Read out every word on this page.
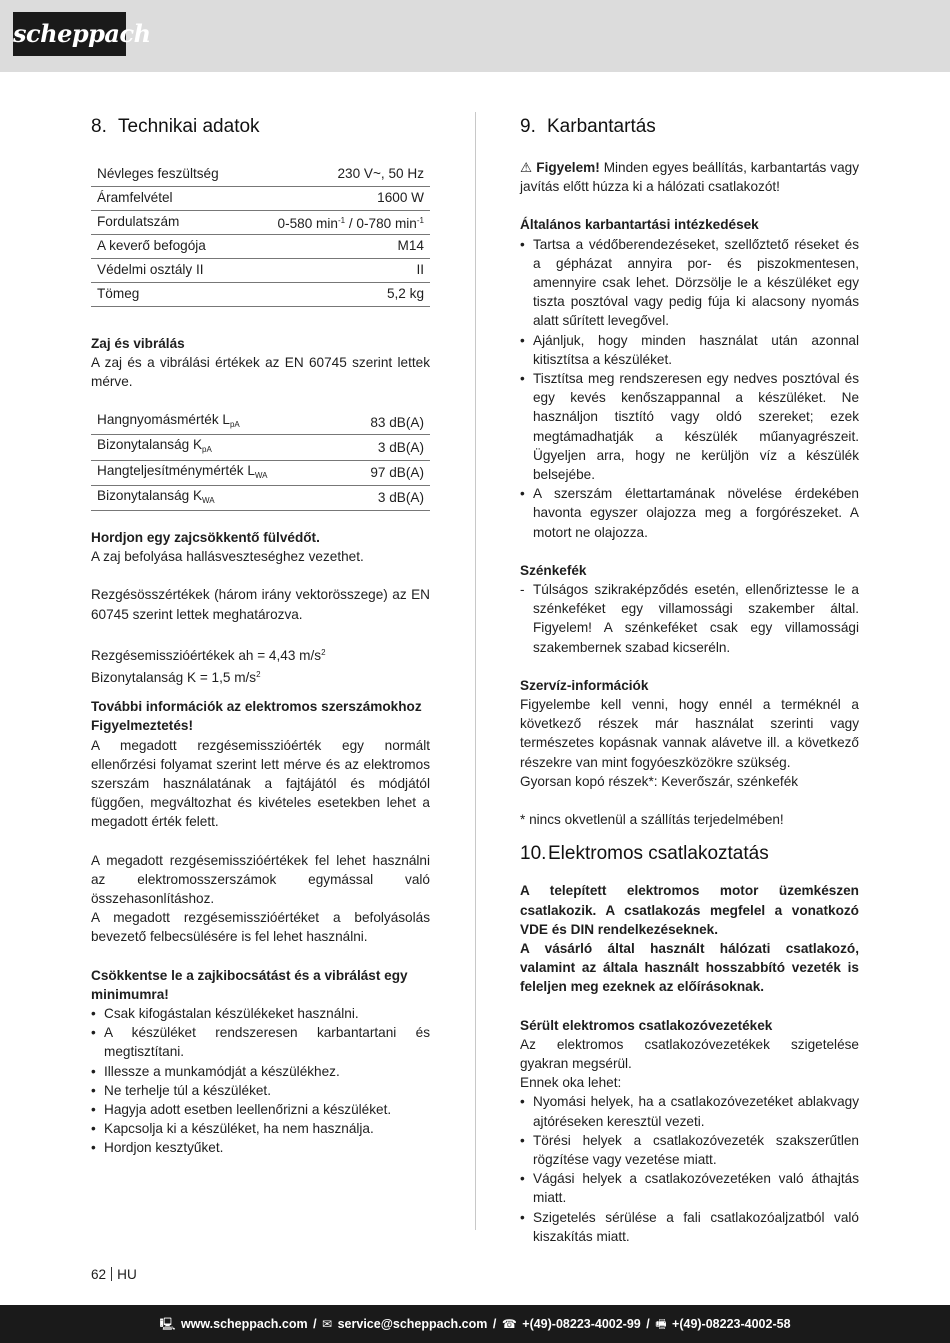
scheppach
8. Technikai adatok
Névleges feszültség	230 V~, 50 Hz
Áramfelvétel	1600 W
Fordulatszám	0-580 $\min^{-1} / 0-780$ $\min^{-1}$
A keverő befogója	M14
Védelmi osztály II	II
Tömeg	5,2 kg

Zaj és vibrálás

A zaj és a vibrálási értékek az EN 60745 szerint lettek mérve.

Hangnyomásmérték $L_{pA}$	83 dB(A)
Bizonytalanság $K_{pA}$	3 dB(A)
Hangteljesítménymérték $L_{WA}$	97 dB(A)
Bizonytalanság $K_{WA}$	3 dB(A)

Hordjon egy zajcsökkentő fülvédőt.

A zaj befolyása hallásveszteséghez vezethet.

Rezgésösszértékek (három irány vektorösszege) az EN 60745 szerint lettek meghatározva.

Rezgésemisszióértékek ah = 4,43 $m/s^2$

Bizonytalanság K = 1,5 $m/s^2$

További információk az elektromos szerszámokhoz

Figyelmeztetés!

A megadott rezgésemisszióérték egy normált ellenőrzési folyamat szerint lett mérve és az elektromos szerszám használatának a fajtájától és módjától függően, megváltozhat és kivételes esetekben lehet a megadott érték felett.

A megadott rezgésemisszióértékek fel lehet használni az elektromosszerszámok egymással való összehasonlításhoz.

A megadott rezgésemisszióértéket a befolyásolás bevezető felbecsülésére is fel lehet használni.

Csökkentse le a zajkibocsátást és a vibrálást egy minimumra!

• Csak kifogástalan készülékeket használni.
• A készüléket rendszeresen karbantartani és megtisztítani.
• Illessze a munkamódját a készülékhez.
• Ne terhelje túl a készüléket.
• Hagyja adott esetben leellenőrizni a készüléket.
• Kapcsolja ki a készüléket, ha nem használja.
• Hordjon kesztyűket.
9. Karbantartás

⚠ Figyelem! Minden egyes beállítás, karbantartás vagy javítás előtt húzza ki a hálózati csatlakozót!

Általános karbantartási intézkedések

• Tartsa a védőberendezéseket, szellőztető réseket és a gépházat annyira por- és piszokmentesen, amennyire csak lehet. Dörzsölje le a készüléket egy tiszta posztóval vagy pedig fúja ki alacsony nyomás alatt sűrített levegővel.
• Ajánljuk, hogy minden használat után azonnal kitisztítsa a készüléket.
• Tisztítsa meg rendszeresen egy nedves posztóval és egy kevés kenőszappannal a készüléket. Ne használjon tisztító vagy oldó szereket; ezek megtámadhatják a készülék műanyagrészeit. Ügyeljen arra, hogy ne kerüljön víz a készülék belsejébe.
• A szerszám élettartamának növelése érdekében havonta egyszer olajozza meg a forgórészeket. A motort ne olajozza.

Szénkefék

- Túlságos szikraképződés esetén, ellenőriztesse le a szénkeféket egy villamossági szakember által. Figyelem! A szénkeféket csak egy villamossági szakembernek szabad kicseréln.

Szervíz-információk

Figyelembe kell venni, hogy ennél a terméknél a következő részek már használat szerinti vagy természetes kopásnak vannak alávetve ill. a következő részekre van mint fogyóeszközökre szükség.

Gyorsan kopó részek*: Keverőszár, szénkefék

* nincs okvetlenül a szállítás terjedelmében!

10. Elektromos csatlakoztatás

A telepített elektromos motor üzemkészen csatlakozik. A csatlakozás megfelel a vonatkozó VDE és DIN rendelkezéseknek.

A vásárló által használt hálózati csatlakozó, valamint az általa használt hosszabbító vezeték is feleljen meg ezeknek az előírásoknak.

Sérült elektromos csatlakozóvezetékek

Az elektromos csatlakozóvezetékek szigetelése gyakran megsérül.

Ennek oka lehet:

• Nyomási helyek, ha a csatlakozóvezetéket ablakvagy ajtóréseken keresztül vezeti.
• Törési helyek a csatlakozóvezeték szakszerűtlen rögzítése vagy vezetése miatt.
• Vágási helyek a csatlakozóvezetéken való áthajtás miatt.
• Szigetelés sérülése a fali csatlakozóaljzatból való kiszakítás miatt.
62 HU
🖳 www.scheppach.com / ✉ service@scheppach.com / ☎ +(49)-08223-4002-99 / 🖷 +(49)-08223-4002-58
